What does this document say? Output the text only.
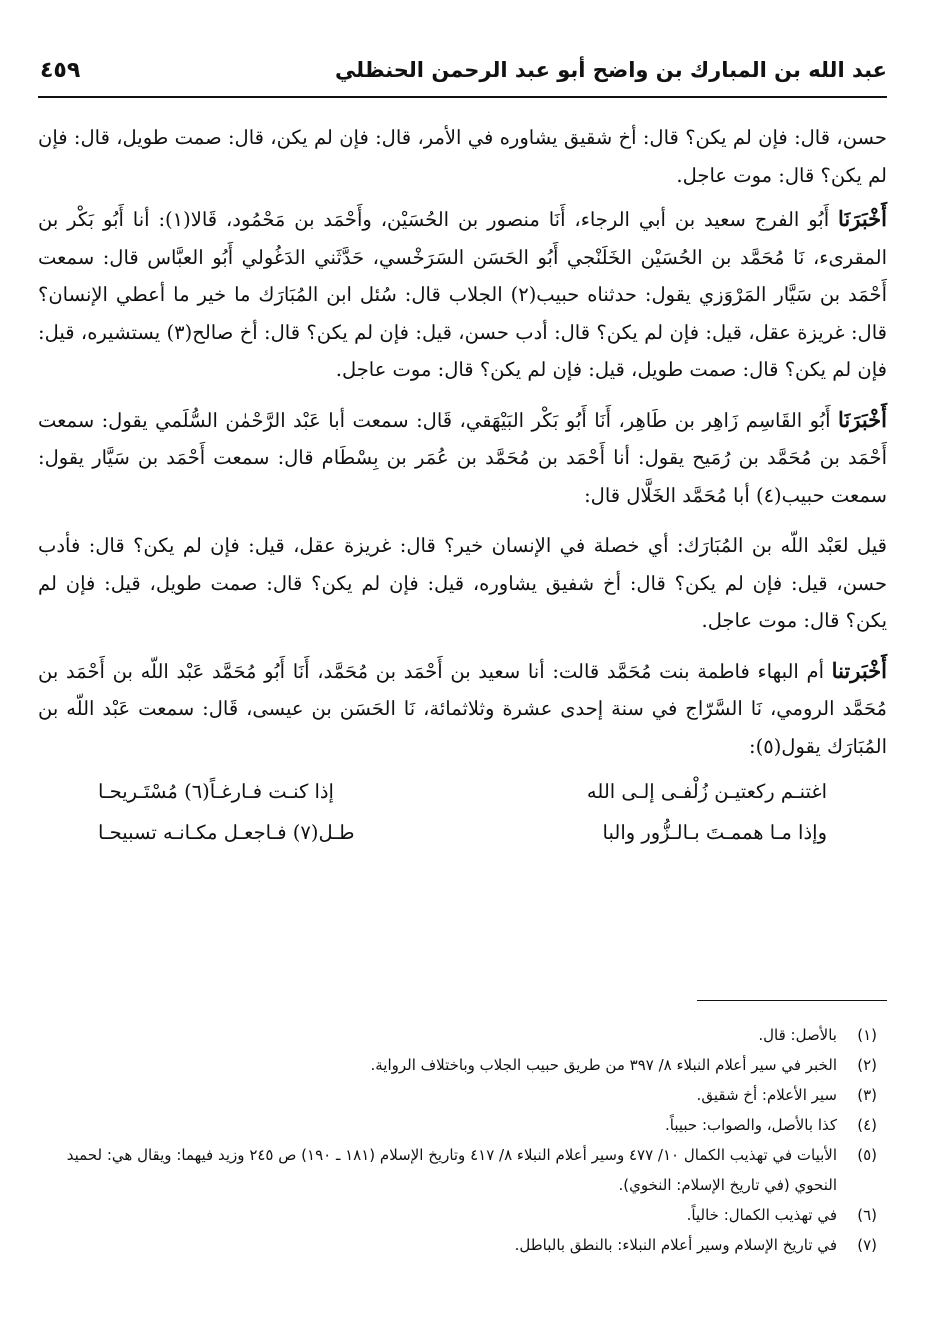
عبد الله بن المبارك بن واضح أبو عبد الرحمن الحنظلي
٤٥٩

حسن، قال: فإن لم يكن؟ قال: أخ شقيق يشاوره في الأمر، قال: فإن لم يكن، قال: صمت طويل، قال: فإن لم يكن؟ قال: موت عاجل.

أَخْبَرَنَا أَبُو الفرج سعيد بن أبي الرجاء، أَنَا منصور بن الحُسَيْن، وأَحْمَد بن مَحْمُود، قَالا(١): أنا أَبُو بَكْر بن المقرىء، نَا مُحَمَّد بن الحُسَيْن الخَلَنْجي أَبُو الحَسَن السَرَخْسي، حَدَّثَني الدَغُولي أَبُو العبَّاس قال: سمعت أَحْمَد بن سَيَّار المَرْوَزي يقول: حدثناه حبيب(٢) الجلاب قال: سُئل ابن المُبَارَك ما خير ما أعطي الإنسان؟ قال: غريزة عقل، قيل: فإن لم يكن؟ قال: أدب حسن، قيل: فإن لم يكن؟ قال: أخ صالح(٣) يستشيره، قيل: فإن لم يكن؟ قال: صمت طويل، قيل: فإن لم يكن؟ قال: موت عاجل.

أَخْبَرَنَا أَبُو القَاسِم زَاهِر بن طَاهِر، أَنَا أَبُو بَكْر البَيْهَقي، قَال: سمعت أبا عَبْد الرَّحْمٰن السُّلَمي يقول: سمعت أَحْمَد بن مُحَمَّد بن رُمَيح يقول: أنا أَحْمَد بن مُحَمَّد بن عُمَر بن بِسْطَام قال: سمعت أَحْمَد بن سَيَّار يقول: سمعت حبيب(٤) أبا مُحَمَّد الخَلَّال قال:

قيل لعَبْد اللّه بن المُبَارَك: أي خصلة في الإنسان خير؟ قال: غريزة عقل، قيل: فإن لم يكن؟ قال: فأدب حسن، قيل: فإن لم يكن؟ قال: أخ شفيق يشاوره، قيل: فإن لم يكن؟ قال: صمت طويل، قيل: فإن لم يكن؟ قال: موت عاجل.

أَخْبَرتنا أم البهاء فاطمة بنت مُحَمَّد قالت: أنا سعيد بن أَحْمَد بن مُحَمَّد، أَنَا أَبُو مُحَمَّد عَبْد اللّه بن أَحْمَد بن مُحَمَّد الرومي، نَا السَّرّاج في سنة إحدى عشرة وثلاثمائة، نَا الحَسَن بن عيسى، قَال: سمعت عَبْد اللّه بن المُبَارَك يقول(٥):

اغتنـم ركعتيـن زُلْفـى إلـى الله
إذا كنـت فـارغـاً(٦) مُسْتَـريحـا
وإذا مـا هممـتَ بـالـزُّور والبا
طـل(٧) فـاجعـل مكـانـه تسبيحـا
(١)
بالأصل: قال.
(٢)
الخبر في سير أعلام النبلاء ٨/ ٣٩٧ من طريق حبيب الجلاب وباختلاف الرواية.
(٣)
سير الأعلام: أخ شقيق.
(٤)
كذا بالأصل، والصواب: حبيباً.
(٥)
الأبيات في تهذيب الكمال ١٠/ ٤٧٧ وسير أعلام النبلاء ٨/ ٤١٧ وتاريخ الإسلام (١٨١ ـ ١٩٠) ص ٢٤٥ وزيد فيهما: ويقال هي: لحميد النحوي (في تاريخ الإسلام: النخوي).
(٦)
في تهذيب الكمال: خالياً.
(٧)
في تاريخ الإسلام وسير أعلام النبلاء: بالنطق بالباطل.
